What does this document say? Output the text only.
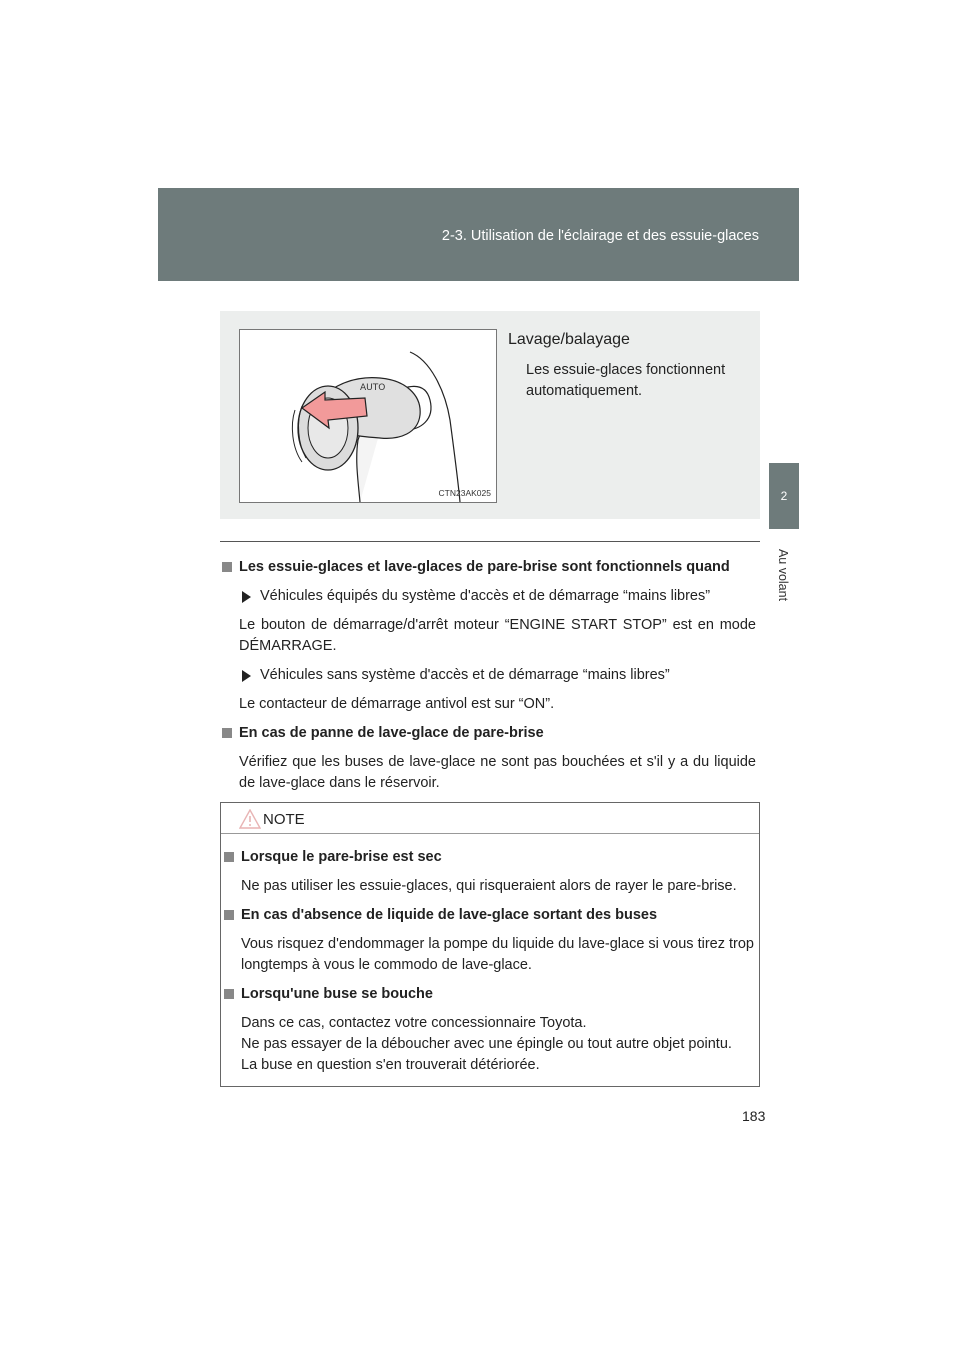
2-3. Utilisation de l'éclairage et des essuie-glaces
2
Au volant
AUTO
CTN23AK025
Lavage/balayage
Les essuie-glaces fonctionnent automatiquement.
Les essuie-glaces et lave-glaces de pare-brise sont fonctionnels quand
Véhicules équipés du système d'accès et de démarrage “mains libres”
Le bouton de démarrage/d'arrêt moteur “ENGINE START STOP” est en mode DÉMARRAGE.
Véhicules sans système d'accès et de démarrage “mains libres”
Le contacteur de démarrage antivol est sur “ON”.
En cas de panne de lave-glace de pare-brise
Vérifiez que les buses de lave-glace ne sont pas bouchées et s'il y a du liquide de lave-glace dans le réservoir.
NOTE
Lorsque le pare-brise est sec
Ne pas utiliser les essuie-glaces, qui risqueraient alors de rayer le pare-brise.
En cas d'absence de liquide de lave-glace sortant des buses
Vous risquez d'endommager la pompe du liquide du lave-glace si vous tirez trop longtemps à vous le commodo de lave-glace.
Lorsqu'une buse se bouche
Dans ce cas, contactez votre concessionnaire Toyota.
Ne pas essayer de la déboucher avec une épingle ou tout autre objet pointu.
La buse en question s'en trouverait détériorée.
183
